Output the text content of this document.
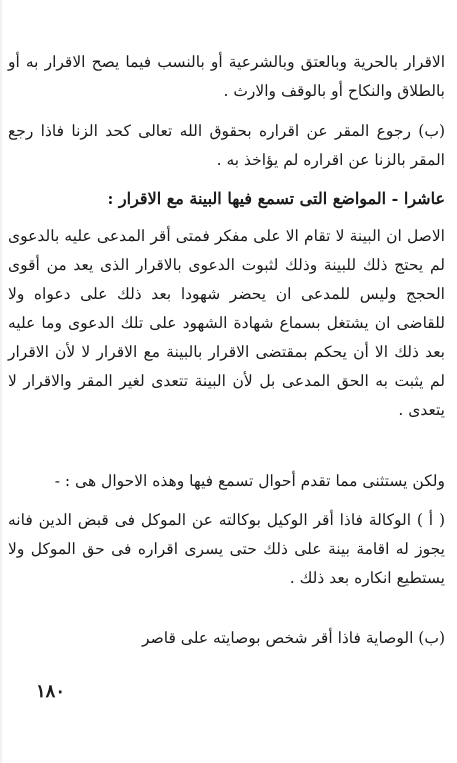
الاقرار بالحرية وبالعتق وبالشرعية أو بالنسب فيما يصح الاقرار به أو بالطلاق والنكاح أو بالوقف والارث .

(ب) رجوع المقر عن اقراره بحقوق الله تعالى كحد الزنا فاذا رجع المقر بالزنا عن اقراره لم يؤاخذ به .

عاشرا - المواضع التى تسمع فيها البينة مع الاقرار :

الاصل ان البينة لا تقام الا على مفكر فمتى أقر المدعى عليه بالدعوى لم يحتج ذلك للبينة وذلك لثبوت الدعوى بالاقرار الذى يعد من أقوى الحجج وليس للمدعى ان يحضر شهودا بعد ذلك على دعواه ولا للقاضى ان يشتغل بسماع شهادة الشهود على تلك الدعوى وما عليه بعد ذلك الا أن يحكم بمقتضى الاقرار بالبينة مع الاقرار لا لأن الاقرار لم يثبت به الحق المدعى بل لأن البينة تتعدى لغير المقر والاقرار لا يتعدى .

ولكن يستثنى مما تقدم أحوال تسمع فيها وهذه الاحوال هى : -

( أ ) الوكالة فاذا أقر الوكيل بوكالته عن الموكل فى قبض الدين فانه يجوز له اقامة بينة على ذلك حتى يسرى اقراره فى حق الموكل ولا يستطيع انكاره بعد ذلك .

(ب) الوصاية فاذا أقر شخص بوصايته على قاصر

١٨٠
